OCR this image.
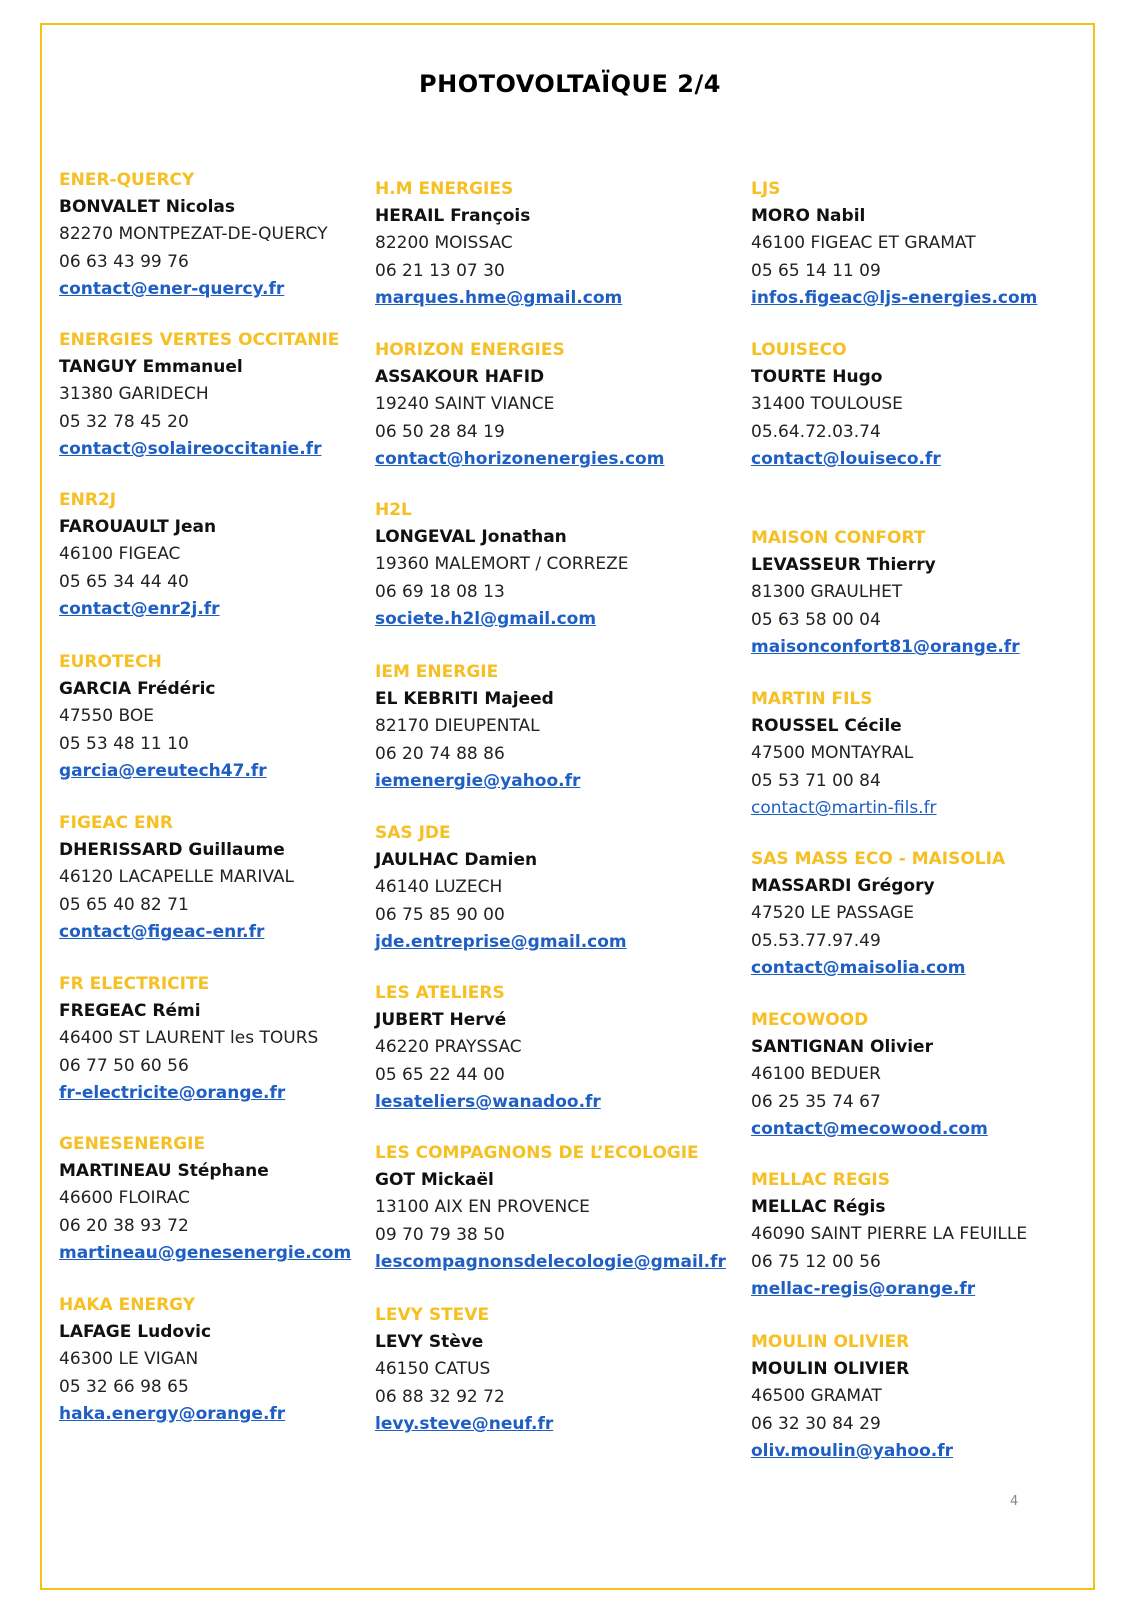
PHOTOVOLTAÏQUE 2/4
ENER-QUERCY
BONVALET Nicolas
82270 MONTPEZAT-DE-QUERCY
06 63 43 99 76
contact@ener-quercy.fr
ENERGIES VERTES OCCITANIE
TANGUY Emmanuel
31380 GARIDECH
05 32 78 45 20
contact@solaireoccitanie.fr
ENR2J
FAROUAULT Jean
46100 FIGEAC
05 65 34 44 40
contact@enr2j.fr
EUROTECH
GARCIA Frédéric
47550 BOE
05 53 48 11 10
garcia@ereutech47.fr
FIGEAC ENR
DHERISSARD Guillaume
46120 LACAPELLE MARIVAL
05 65 40 82 71
contact@figeac-enr.fr
FR ELECTRICITE
FREGEAC Rémi
46400 ST LAURENT les TOURS
06 77 50 60 56
fr-electricite@orange.fr
GENESENERGIE
MARTINEAU Stéphane
46600 FLOIRAC
06 20 38 93 72
martineau@genesenergie.com
HAKA ENERGY
LAFAGE Ludovic
46300 LE VIGAN
05 32 66 98 65
haka.energy@orange.fr
H.M ENERGIES
HERAIL François
82200 MOISSAC
06 21 13 07 30
marques.hme@gmail.com
HORIZON ENERGIES
ASSAKOUR HAFID
19240 SAINT VIANCE
06 50 28 84 19
contact@horizonenergies.com
H2L
LONGEVAL Jonathan
19360 MALEMORT / CORREZE
06 69 18 08 13
societe.h2l@gmail.com
IEM ENERGIE
EL KEBRITI Majeed
82170 DIEUPENTAL
06 20 74 88 86
iemenergie@yahoo.fr
SAS JDE
JAULHAC Damien
46140 LUZECH
06 75 85 90 00
jde.entreprise@gmail.com
LES ATELIERS
JUBERT Hervé
46220 PRAYSSAC
05 65 22 44 00
lesateliers@wanadoo.fr
LES COMPAGNONS DE L’ECOLOGIE
GOT Mickaël
13100 AIX EN PROVENCE
09 70 79 38 50
lescompagnonsdelecologie@gmail.fr
LEVY STEVE
LEVY Stève
46150 CATUS
06 88 32 92 72
levy.steve@neuf.fr
LJS
MORO Nabil
46100 FIGEAC ET GRAMAT
05 65 14 11 09
infos.figeac@ljs-energies.com
LOUISECO
TOURTE Hugo
31400 TOULOUSE
05.64.72.03.74
contact@louiseco.fr
MAISON CONFORT
LEVASSEUR Thierry
81300 GRAULHET
05 63 58 00 04
maisonconfort81@orange.fr
MARTIN FILS
ROUSSEL Cécile
47500 MONTAYRAL
05 53 71 00 84
contact@martin-fils.fr
SAS MASS ECO - MAISOLIA
MASSARDI Grégory
47520 LE PASSAGE
05.53.77.97.49
contact@maisolia.com
MECOWOOD
SANTIGNAN Olivier
46100 BEDUER
06 25 35 74 67
contact@mecowood.com
MELLAC REGIS
MELLAC Régis
46090 SAINT PIERRE LA FEUILLE
06 75 12 00 56
mellac-regis@orange.fr
MOULIN OLIVIER
MOULIN OLIVIER
46500 GRAMAT
06 32 30 84 29
oliv.moulin@yahoo.fr
4
